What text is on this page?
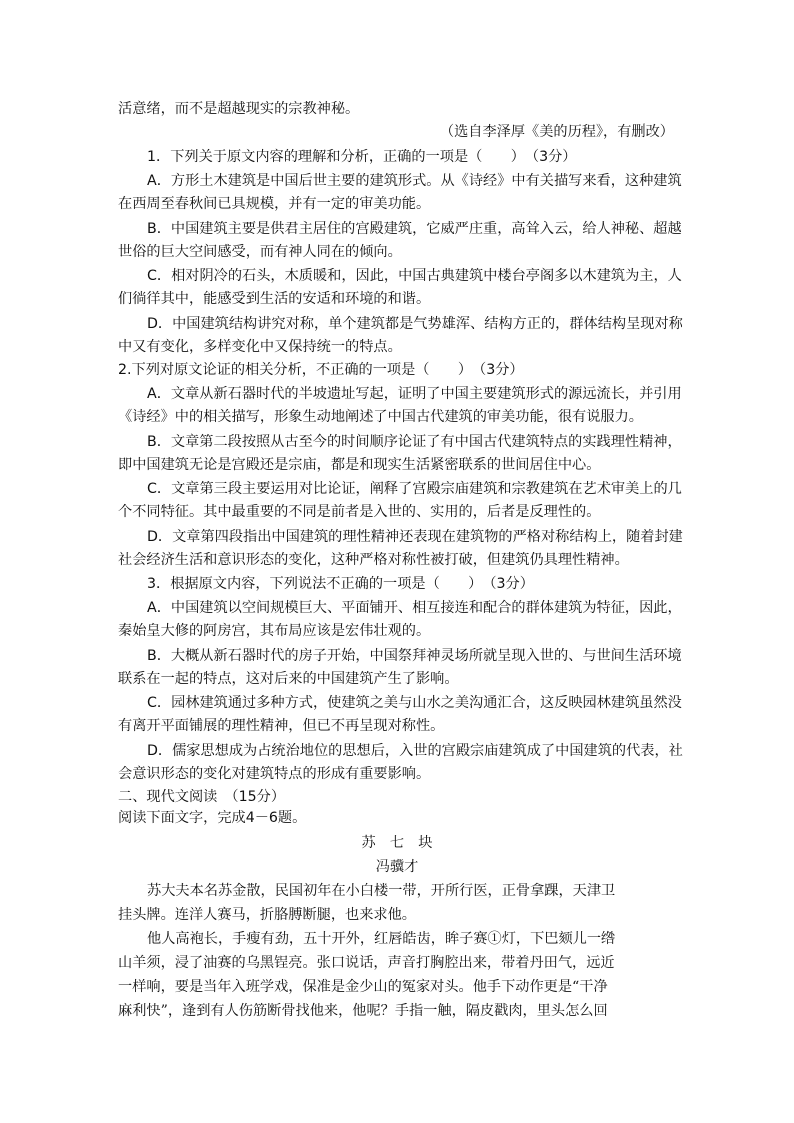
活意绪，而不是超越现实的宗教神秘。
（选自李泽厚《美的历程》，有删改）
1．下列关于原文内容的理解和分析，正确的一项是（　　）　（3分）
A．方形土木建筑是中国后世主要的建筑形式。从《诗经》中有关描写来看，这种建筑
在西周至春秋间已具规模，并有一定的审美功能。
B．中国建筑主要是供君主居住的宫殿建筑，它威严庄重，高耸入云，给人神秘、超越
世俗的巨大空间感受，而有神人同在的倾向。
C．相对阴冷的石头，木质暖和，因此，中国古典建筑中楼台亭阁多以木建筑为主，人
们徜徉其中，能感受到生活的安适和环境的和谐。
D．中国建筑结构讲究对称，单个建筑都是气势雄浑、结构方正的，群体结构呈现对称
中又有变化，多样变化中又保持统一的特点。
2.下列对原文论证的相关分析，不正确的一项是（　　）　（3分）
A．文章从新石器时代的半坡遗址写起，证明了中国主要建筑形式的源远流长，并引用
《诗经》中的相关描写，形象生动地阐述了中国古代建筑的审美功能，很有说服力。
B．文章第二段按照从古至今的时间顺序论证了有中国古代建筑特点的实践理性精神，
即中国建筑无论是宫殿还是宗庙，都是和现实生活紧密联系的世间居住中心。
C．文章第三段主要运用对比论证，阐释了宫殿宗庙建筑和宗教建筑在艺术审美上的几
个不同特征。其中最重要的不同是前者是入世的、实用的，后者是反理性的。
D．文章第四段指出中国建筑的理性精神还表现在建筑物的严格对称结构上，随着封建
社会经济生活和意识形态的变化，这种严格对称性被打破，但建筑仍具理性精神。
3．根据原文内容，下列说法不正确的一项是（　　）　（3分）
A．中国建筑以空间规模巨大、平面铺开、相互接连和配合的群体建筑为特征，因此，
秦始皇大修的阿房宫，其布局应该是宏伟壮观的。
B．大概从新石器时代的房子开始，中国祭拜神灵场所就呈现入世的、与世间生活环境
联系在一起的特点，这对后来的中国建筑产生了影响。
C．园林建筑通过多种方式，使建筑之美与山水之美沟通汇合，这反映园林建筑虽然没
有离开平面铺展的理性精神，但已不再呈现对称性。
D．儒家思想成为占统治地位的思想后，入世的宫殿宗庙建筑成了中国建筑的代表，社
会意识形态的变化对建筑特点的形成有重要影响。
二、现代文阅读　（15分）
阅读下面文字，完成4－6题。
苏　七　块
冯骥才
苏大夫本名苏金散，民国初年在小白楼一带，开所行医，正骨拿踝，天津卫
挂头牌。连洋人赛马，折胳膊断腿，也来求他。
他人高袍长，手瘦有劲，五十开外，红唇皓齿，眸子赛①灯，下巴颏儿一绺
山羊须，浸了油赛的乌黑锃亮。张口说话，声音打胸腔出来，带着丹田气，远近
一样响，要是当年入班学戏，保准是金少山的冤家对头。他手下动作更是“干净
麻利快”，逢到有人伤筋断骨找他来，他呢？手指一触，隔皮戳肉，里头怎么回
